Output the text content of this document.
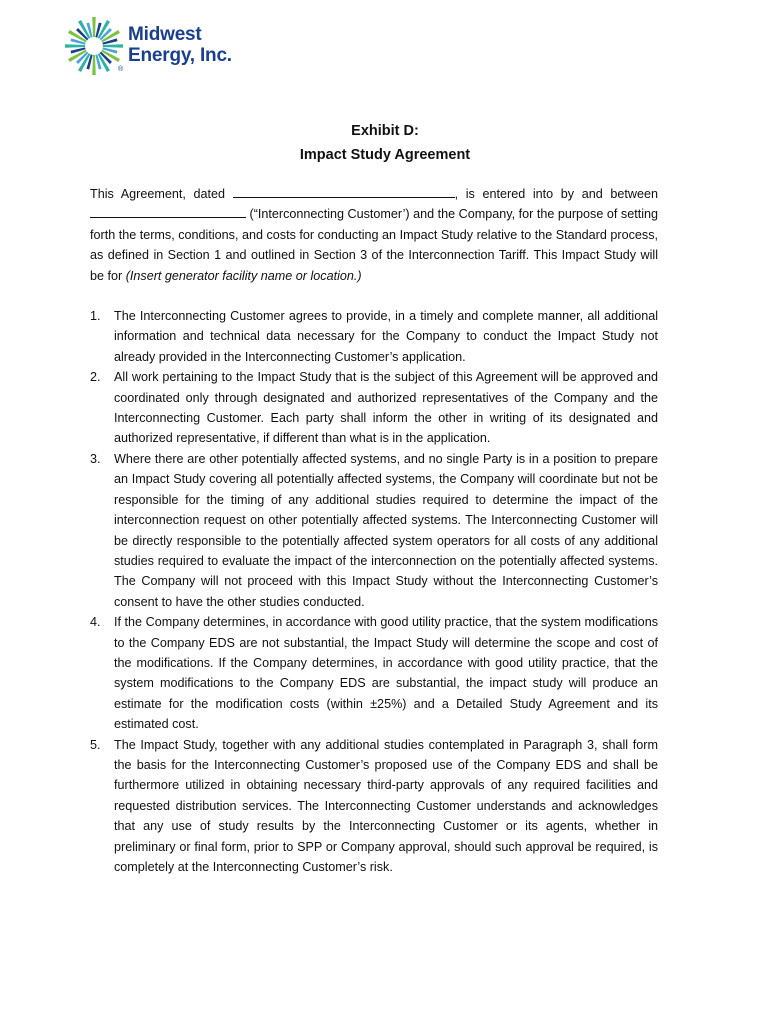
Midwest
Energy, Inc.
®
Exhibit D:
Impact Study Agreement

This Agreement, dated	, is entered into by and between  (“Interconnecting Customer’) and the Company, for the purpose of setting forth the terms, conditions, and costs for conducting an Impact Study relative to the Standard process, as defined in Section 1 and outlined in Section 3 of the Interconnection Tariff. This Impact Study will be for (Insert generator facility name or location.)

1. The Interconnecting Customer agrees to provide, in a timely and complete manner, all additional information and technical data necessary for the Company to conduct the Impact Study not already provided in the Interconnecting Customer’s application.
2. All work pertaining to the Impact Study that is the subject of this Agreement will be approved and coordinated only through designated and authorized representatives of the Company and the Interconnecting Customer. Each party shall inform the other in writing of its designated and authorized representative, if different than what is in the application.
3. Where there are other potentially affected systems, and no single Party is in a position to prepare an Impact Study covering all potentially affected systems, the Company will coordinate but not be responsible for the timing of any additional studies required to determine the impact of the interconnection request on other potentially affected systems. The Interconnecting Customer will be directly responsible to the potentially affected system operators for all costs of any additional studies required to evaluate the impact of the interconnection on the potentially affected systems. The Company will not proceed with this Impact Study without the Interconnecting Customer’s consent to have the other studies conducted.
4. If the Company determines, in accordance with good utility practice, that the system modifications to the Company EDS are not substantial, the Impact Study will determine the scope and cost of the modifications. If the Company determines, in accordance with good utility practice, that the system modifications to the Company EDS are substantial, the impact study will produce an estimate for the modification costs (within ±25%) and a Detailed Study Agreement and its estimated cost.
5. The Impact Study, together with any additional studies contemplated in Paragraph 3, shall form the basis for the Interconnecting Customer’s proposed use of the Company EDS and shall be furthermore utilized in obtaining necessary third-party approvals of any required facilities and requested distribution services. The Interconnecting Customer understands and acknowledges that any use of study results by the Interconnecting Customer or its agents, whether in preliminary or final form, prior to SPP or Company approval, should such approval be required, is completely at the Interconnecting Customer’s risk.
